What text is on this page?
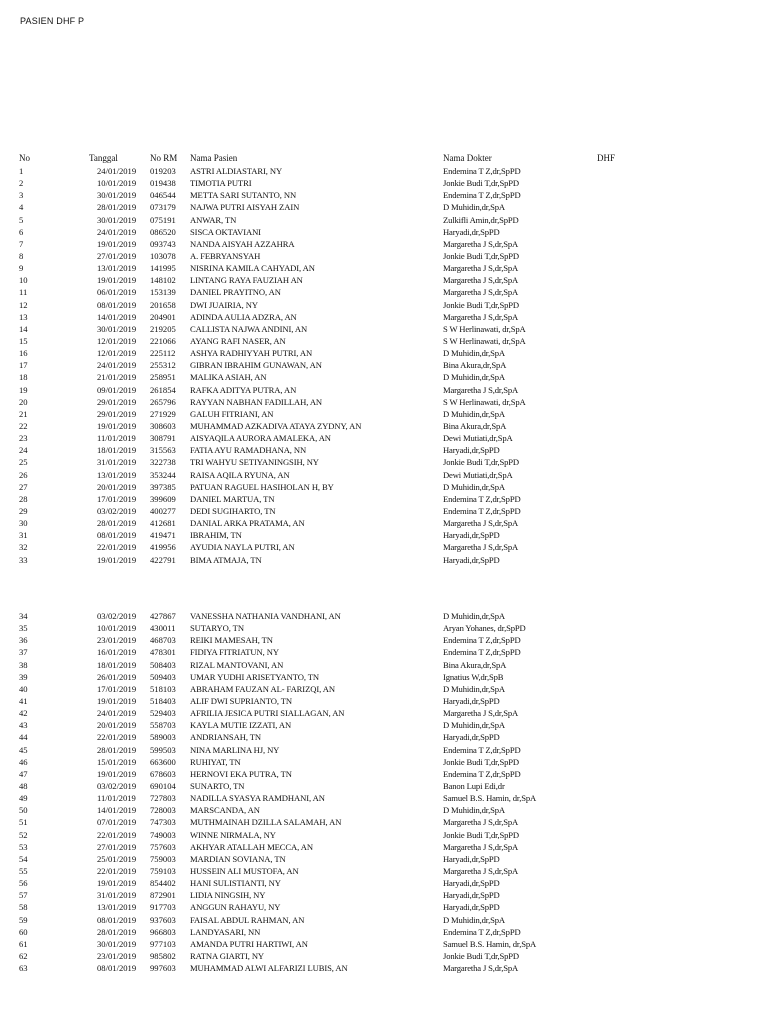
PASIEN DHF P
No	Tanggal	No RM Nama Pasien	Nama Dokter	DHF
1	24/01/2019 019203 ASTRI ALDIASTARI, NY	Endemina T Z,dr,SpPD
2	10/01/2019 019438 TIMOTIA PUTRI	Jonkie Budi T,dr,SpPD
3	30/01/2019 046544 METTA SARI SUTANTO, NN	Endemina T Z,dr,SpPD
4	28/01/2019 073179 NAJWA PUTRI AISYAH ZAIN	D Muhidin,dr,SpA
5	30/01/2019 075191 ANWAR, TN	Zulkifli Amin,dr,SpPD
6	24/01/2019 086520 SISCA OKTAVIANI	Haryadi,dr,SpPD
7	19/01/2019 093743 NANDA AISYAH AZZAHRA	Margaretha J S,dr,SpA
8	27/01/2019 103078 A. FEBRYANSYAH	Jonkie Budi T,dr,SpPD
9	13/01/2019 141995 NISRINA KAMILA CAHYADI, AN	Margaretha J S,dr,SpA
10	19/01/2019 148102 LINTANG RAYA FAUZIAH AN	Margaretha J S,dr,SpA
11	06/01/2019 153139 DANIEL PRAYITNO, AN	Margaretha J S,dr,SpA
12	08/01/2019 201658 DWI JUAIRIA, NY	Jonkie Budi T,dr,SpPD
13	14/01/2019 204901 ADINDA AULIA ADZRA, AN	Margaretha J S,dr,SpA
14	30/01/2019 219205 CALLISTA NAJWA ANDINI, AN	S W Herlinawati, dr,SpA
15	12/01/2019 221066 AYANG RAFI NASER, AN	S W Herlinawati, dr,SpA
16	12/01/2019 225112 ASHYA RADHIYYAH PUTRI, AN	D Muhidin,dr,SpA
17	24/01/2019 255312 GIBRAN IBRAHIM GUNAWAN, AN	Bina Akura,dr,SpA
18	21/01/2019 258951 MALIKA ASIAH, AN	D Muhidin,dr,SpA
19	09/01/2019 261854 RAFKA ADITYA PUTRA, AN	Margaretha J S,dr,SpA
20	29/01/2019 265796 RAYYAN NABHAN FADILLAH, AN	S W Herlinawati, dr,SpA
21	29/01/2019 271929 GALUH FITRIANI, AN	D Muhidin,dr,SpA
22	19/01/2019 308603 MUHAMMAD AZKADIVA ATAYA ZYDNY, AN	Bina Akura,dr,SpA
23	11/01/2019 308791 AISYAQILA AURORA AMALEKA, AN	Dewi Mutiati,dr,SpA
24	18/01/2019 315563 FATIA AYU RAMADHANA, NN	Haryadi,dr,SpPD
25	31/01/2019 322738 TRI WAHYU SETIYANINGSIH, NY	Jonkie Budi T,dr,SpPD
26	13/01/2019 353244 RAISA AQILA RYUNA, AN	Dewi Mutiati,dr,SpA
27	20/01/2019 397385 PATUAN RAGUEL HASIHOLAN H, BY	D Muhidin,dr,SpA
28	17/01/2019 399609 DANIEL MARTUA, TN	Endemina T Z,dr,SpPD
29	03/02/2019 400277 DEDI SUGIHARTO, TN	Endemina T Z,dr,SpPD
30	28/01/2019 412681 DANIAL ARKA PRATAMA, AN	Margaretha J S,dr,SpA
31	08/01/2019 419471 IBRAHIM, TN	Haryadi,dr,SpPD
32	22/01/2019 419956 AYUDIA NAYLA PUTRI, AN	Margaretha J S,dr,SpA
33	19/01/2019 422791 BIMA ATMAJA, TN	Haryadi,dr,SpPD
34	03/02/2019 427867 VANESSHA NATHANIA VANDHANI, AN	D Muhidin,dr,SpA
35	10/01/2019 430011 SUTARYO, TN	Aryan Yohanes, dr,SpPD
36	23/01/2019 468703 REIKI MAMESAH, TN	Endemina T Z,dr,SpPD
37	16/01/2019 478301 FIDIYA FITRIATUN, NY	Endemina T Z,dr,SpPD
38	18/01/2019 508403 RIZAL MANTOVANI, AN	Bina Akura,dr,SpA
39	26/01/2019 509403 UMAR YUDHI ARISETYANTO, TN	Ignatius W,dr,SpB
40	17/01/2019 518103 ABRAHAM FAUZAN AL- FARIZQI, AN	D Muhidin,dr,SpA
41	19/01/2019 518403 ALIF DWI SUPRIANTO, TN	Haryadi,dr,SpPD
42	24/01/2019 529403 AFRILIA JESICA PUTRI SIALLAGAN, AN	Margaretha J S,dr,SpA
43	20/01/2019 558703 KAYLA MUTIE IZZATI, AN	D Muhidin,dr,SpA
44	22/01/2019 589003 ANDRIANSAH, TN	Haryadi,dr,SpPD
45	28/01/2019 599503 NINA MARLINA HJ, NY	Endemina T Z,dr,SpPD
46	15/01/2019 663600 RUHIYAT, TN	Jonkie Budi T,dr,SpPD
47	19/01/2019 678603 HERNOVI EKA PUTRA, TN	Endemina T Z,dr,SpPD
48	03/02/2019 690104 SUNARTO, TN	Banon Lupi Edi,dr
49	11/01/2019 727803 NADILLA SYASYA RAMDHANI, AN	Samuel B.S. Hamin, dr,SpA
50	14/01/2019 728003 MARSCANDA, AN	D Muhidin,dr,SpA
51	07/01/2019 747303 MUTHMAINAH DZILLA SALAMAH, AN	Margaretha J S,dr,SpA
52	22/01/2019 749003 WINNE NIRMALA, NY	Jonkie Budi T,dr,SpPD
53	27/01/2019 757603 AKHYAR ATALLAH MECCA, AN	Margaretha J S,dr,SpA
54	25/01/2019 759003 MARDIAN SOVIANA, TN	Haryadi,dr,SpPD
55	22/01/2019 759103 HUSSEIN ALI MUSTOFA, AN	Margaretha J S,dr,SpA
56	19/01/2019 854402 HANI SULISTIANTI, NY	Haryadi,dr,SpPD
57	31/01/2019 872901 LIDIA NINGSIH, NY	Haryadi,dr,SpPD
58	13/01/2019 917703 ANGGUN RAHAYU, NY	Haryadi,dr,SpPD
59	08/01/2019 937603 FAISAL ABDUL RAHMAN, AN	D Muhidin,dr,SpA
60	28/01/2019 966803 LANDYASARI, NN	Endemina T Z,dr,SpPD
61	30/01/2019 977103 AMANDA PUTRI HARTIWI, AN	Samuel B.S. Hamin, dr,SpA
62	23/01/2019 985802 RATNA GIARTI, NY	Jonkie Budi T,dr,SpPD
63	08/01/2019 997603 MUHAMMAD ALWI ALFARIZI LUBIS, AN	Margaretha J S,dr,SpA
